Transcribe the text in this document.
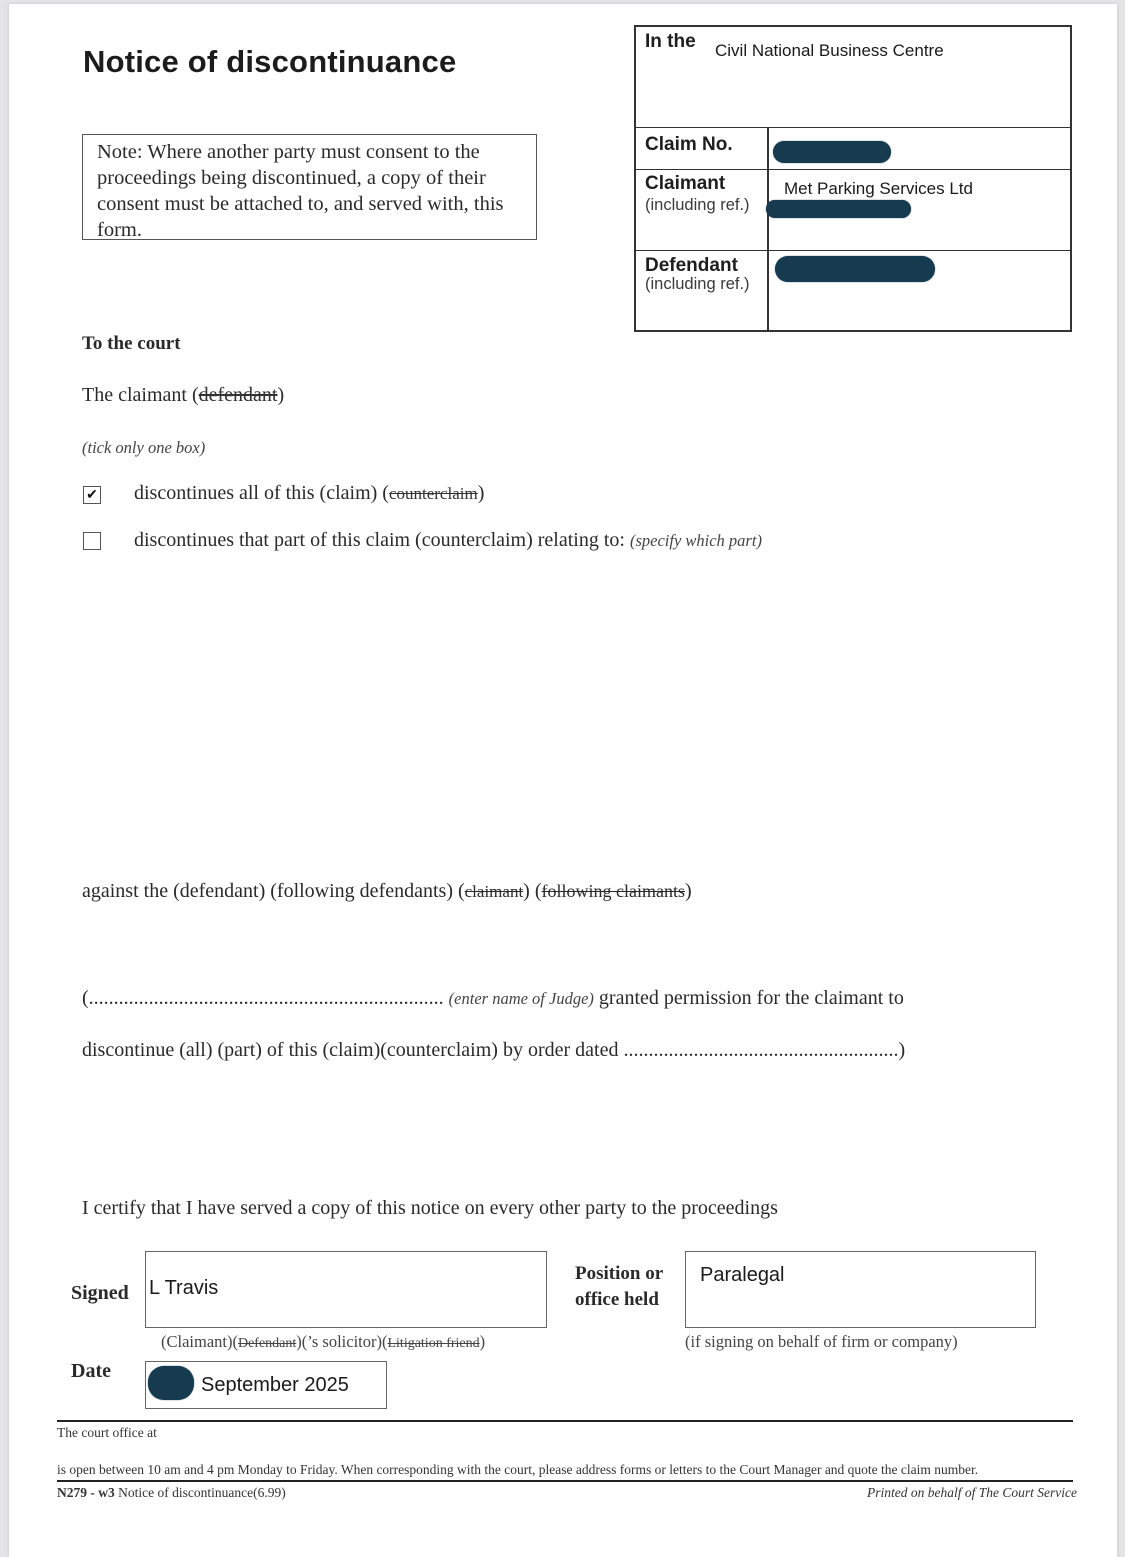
Notice of discontinuance
Note: Where another party must consent to the proceedings being discontinued, a copy of their consent must be attached to, and served with, this form.
In the Civil National Business Centre
Claim No.
Claimant
(including ref.)
Met Parking Services Ltd
Defendant
(including ref.)
To the court
The claimant (defendant)
(tick only one box)
✔ discontinues all of this (claim) (counterclaim)
discontinues that part of this claim (counterclaim) relating to: (specify which part)
against the (defendant) (following defendants) (claimant) (following claimants)
(....................................................................... (enter name of Judge) granted permission for the claimant to
discontinue (all) (part) of this (claim)(counterclaim) by order dated .......................................................)
I certify that I have served a copy of this notice on every other party to the proceedings
Signed L Travis
(Claimant)(Defendant)(’s solicitor)(Litigation friend)
Position or
office held
Paralegal
(if signing on behalf of firm or company)
Date
September 2025
The court office at
is open between 10 am and 4 pm Monday to Friday. When corresponding with the court, please address forms or letters to the Court Manager and quote the claim number.
N279 - w3 Notice of discontinuance(6.99)	Printed on behalf of The Court Service
